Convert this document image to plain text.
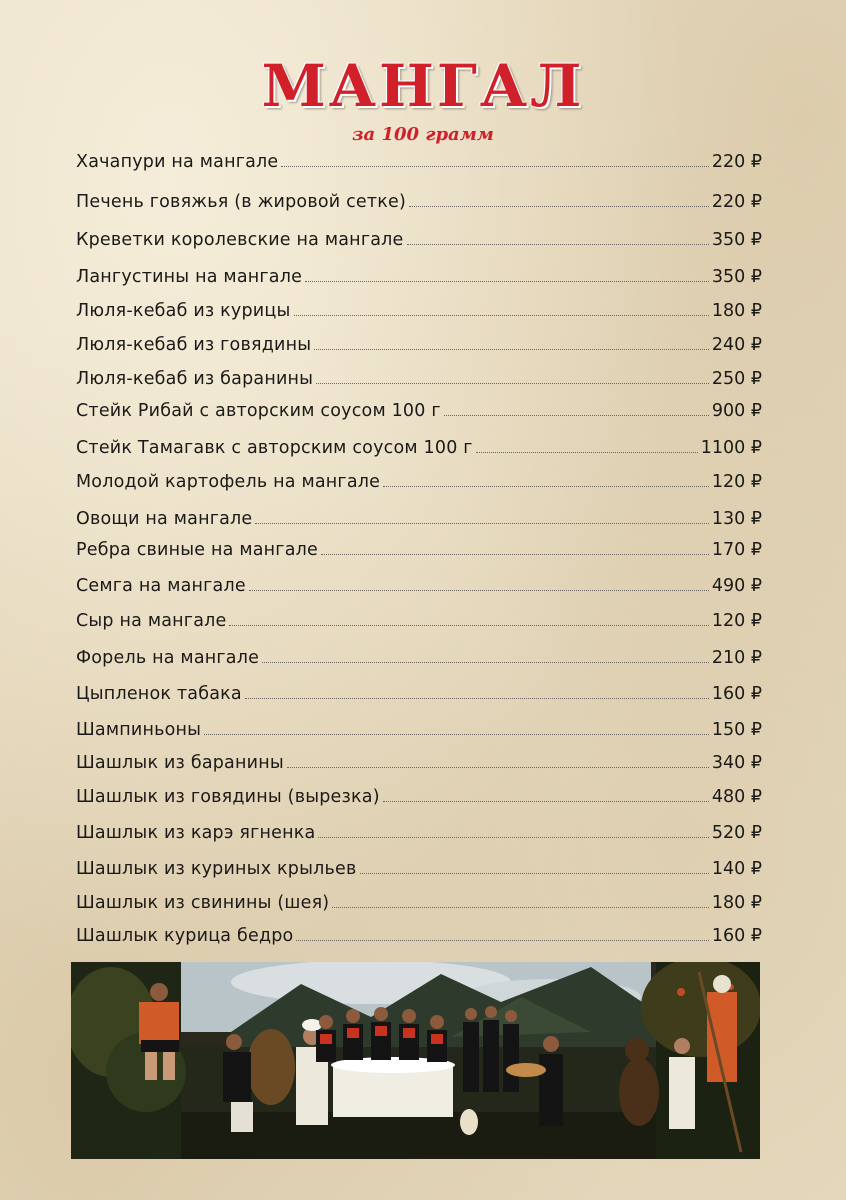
МАНГАЛ
за 100 грамм
Хачапури на мангале	220 ₽
Печень говяжья (в жировой сетке)	220 ₽
Креветки королевские на мангале	350 ₽
Лангустины на мангале	350 ₽
Люля-кебаб из курицы	180 ₽
Люля-кебаб из говядины	240 ₽
Люля-кебаб из баранины	250 ₽
Стейк Рибай с авторским соусом 100 г	900 ₽
Стейк Тамагавк с авторским соусом 100 г	1100 ₽
Молодой картофель на мангале	120 ₽
Овощи на мангале	130 ₽
Ребра свиные на мангале	170 ₽
Семга на мангале	490 ₽
Сыр на мангале	120 ₽
Форель на мангале	210 ₽
Цыпленок табака	160 ₽
Шампиньоны	150 ₽
Шашлык из баранины	340 ₽
Шашлык из говядины (вырезка)	480 ₽
Шашлык из карэ ягненка	520 ₽
Шашлык из куриных крыльев	140 ₽
Шашлык из свинины (шея)	180 ₽
Шашлык курица бедро	160 ₽
